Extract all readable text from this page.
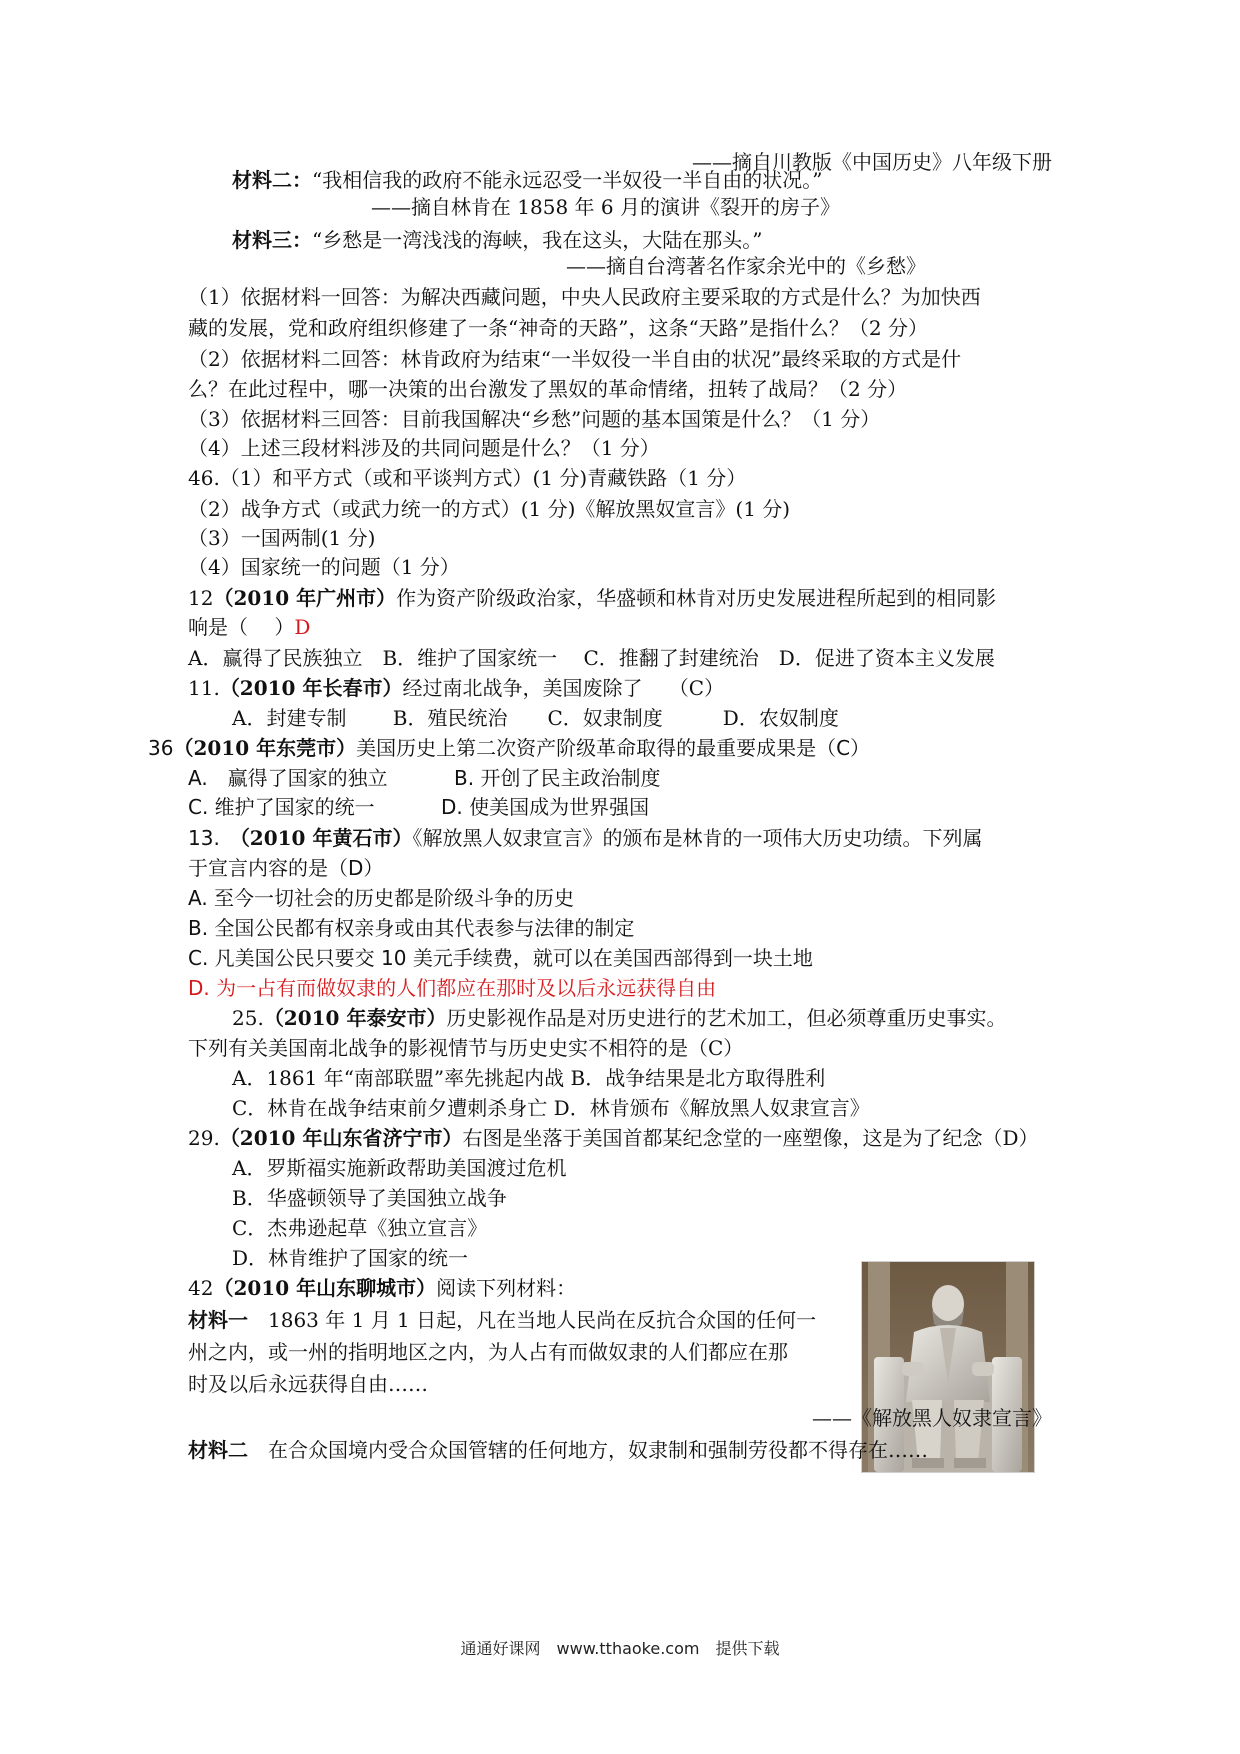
——摘自川教版《中国历史》八年级下册

材料二：“我相信我的政府不能永远忍受一半奴役一半自由的状况。”

——摘自林肯在 1858 年 6 月的演讲《裂开的房子》

材料三：“乡愁是一湾浅浅的海峡，我在这头，大陆在那头。”

——摘自台湾著名作家余光中的《乡愁》

（1）依据材料一回答：为解决西藏问题，中央人民政府主要采取的方式是什么？为加快西

藏的发展，党和政府组织修建了一条“神奇的天路”，这条“天路”是指什么？（2 分）

（2）依据材料二回答：林肯政府为结束“一半奴役一半自由的状况”最终采取的方式是什

么？在此过程中，哪一决策的出台激发了黑奴的革命情绪，扭转了战局？（2 分）

（3）依据材料三回答：目前我国解决“乡愁”问题的基本国策是什么？（1 分）

（4）上述三段材料涉及的共同问题是什么？（1 分）

46.（1）和平方式（或和平谈判方式）(1 分)青藏铁路（1 分）

（2）战争方式（或武力统一的方式）(1 分)《解放黑奴宣言》(1 分)

（3）一国两制(1 分)

（4）国家统一的问题（1 分）

12（2010 年广州市）作为资产阶级政治家，华盛顿和林肯对历史发展进程所起到的相同影

响是（　 ）D

A．赢得了民族独立　B．维护了国家统一　 C．推翻了封建统治　D．促进了资本主义发展

11.（2010 年长春市）经过南北战争，美国废除了　 （C）

A．封建专制　　 B．殖民统治　　C．奴隶制度　　　D．农奴制度

36（2010 年东莞市）美国历史上第二次资产阶级革命取得的最重要成果是（C）

A.　赢得了国家的独立　　　 B. 开创了民主政治制度

C. 维护了国家的统一　　　 D. 使美国成为世界强国

13.　（2010 年黄石市）《解放黑人奴隶宣言》的颁布是林肯的一项伟大历史功绩。下列属

于宣言内容的是（D）

A. 至今一切社会的历史都是阶级斗争的历史

B. 全国公民都有权亲身或由其代表参与法律的制定

C. 凡美国公民只要交 10 美元手续费，就可以在美国西部得到一块土地

D. 为一占有而做奴隶的人们都应在那时及以后永远获得自由

25.（2010 年泰安市）历史影视作品是对历史进行的艺术加工，但必须尊重历史事实。

下列有关美国南北战争的影视情节与历史史实不相符的是（C）

A．1861 年“南部联盟”率先挑起内战 B．战争结果是北方取得胜利

C．林肯在战争结束前夕遭刺杀身亡 D．林肯颁布《解放黑人奴隶宣言》

29.（2010 年山东省济宁市）右图是坐落于美国首都某纪念堂的一座塑像，这是为了纪念（D）

A．罗斯福实施新政帮助美国渡过危机

B．华盛顿领导了美国独立战争

C．杰弗逊起草《独立宣言》

D．林肯维护了国家的统一

42（2010 年山东聊城市）阅读下列材料：

材料一　1863 年 1 月 1 日起，凡在当地人民尚在反抗合众国的任何一

州之内，或一州的指明地区之内，为人占有而做奴隶的人们都应在那

时及以后永远获得自由……

——《解放黑人奴隶宣言》

材料二　在合众国境内受合众国管辖的任何地方，奴隶制和强制劳役都不得存在……

通通好课网　www.tthaoke.com　提供下载
